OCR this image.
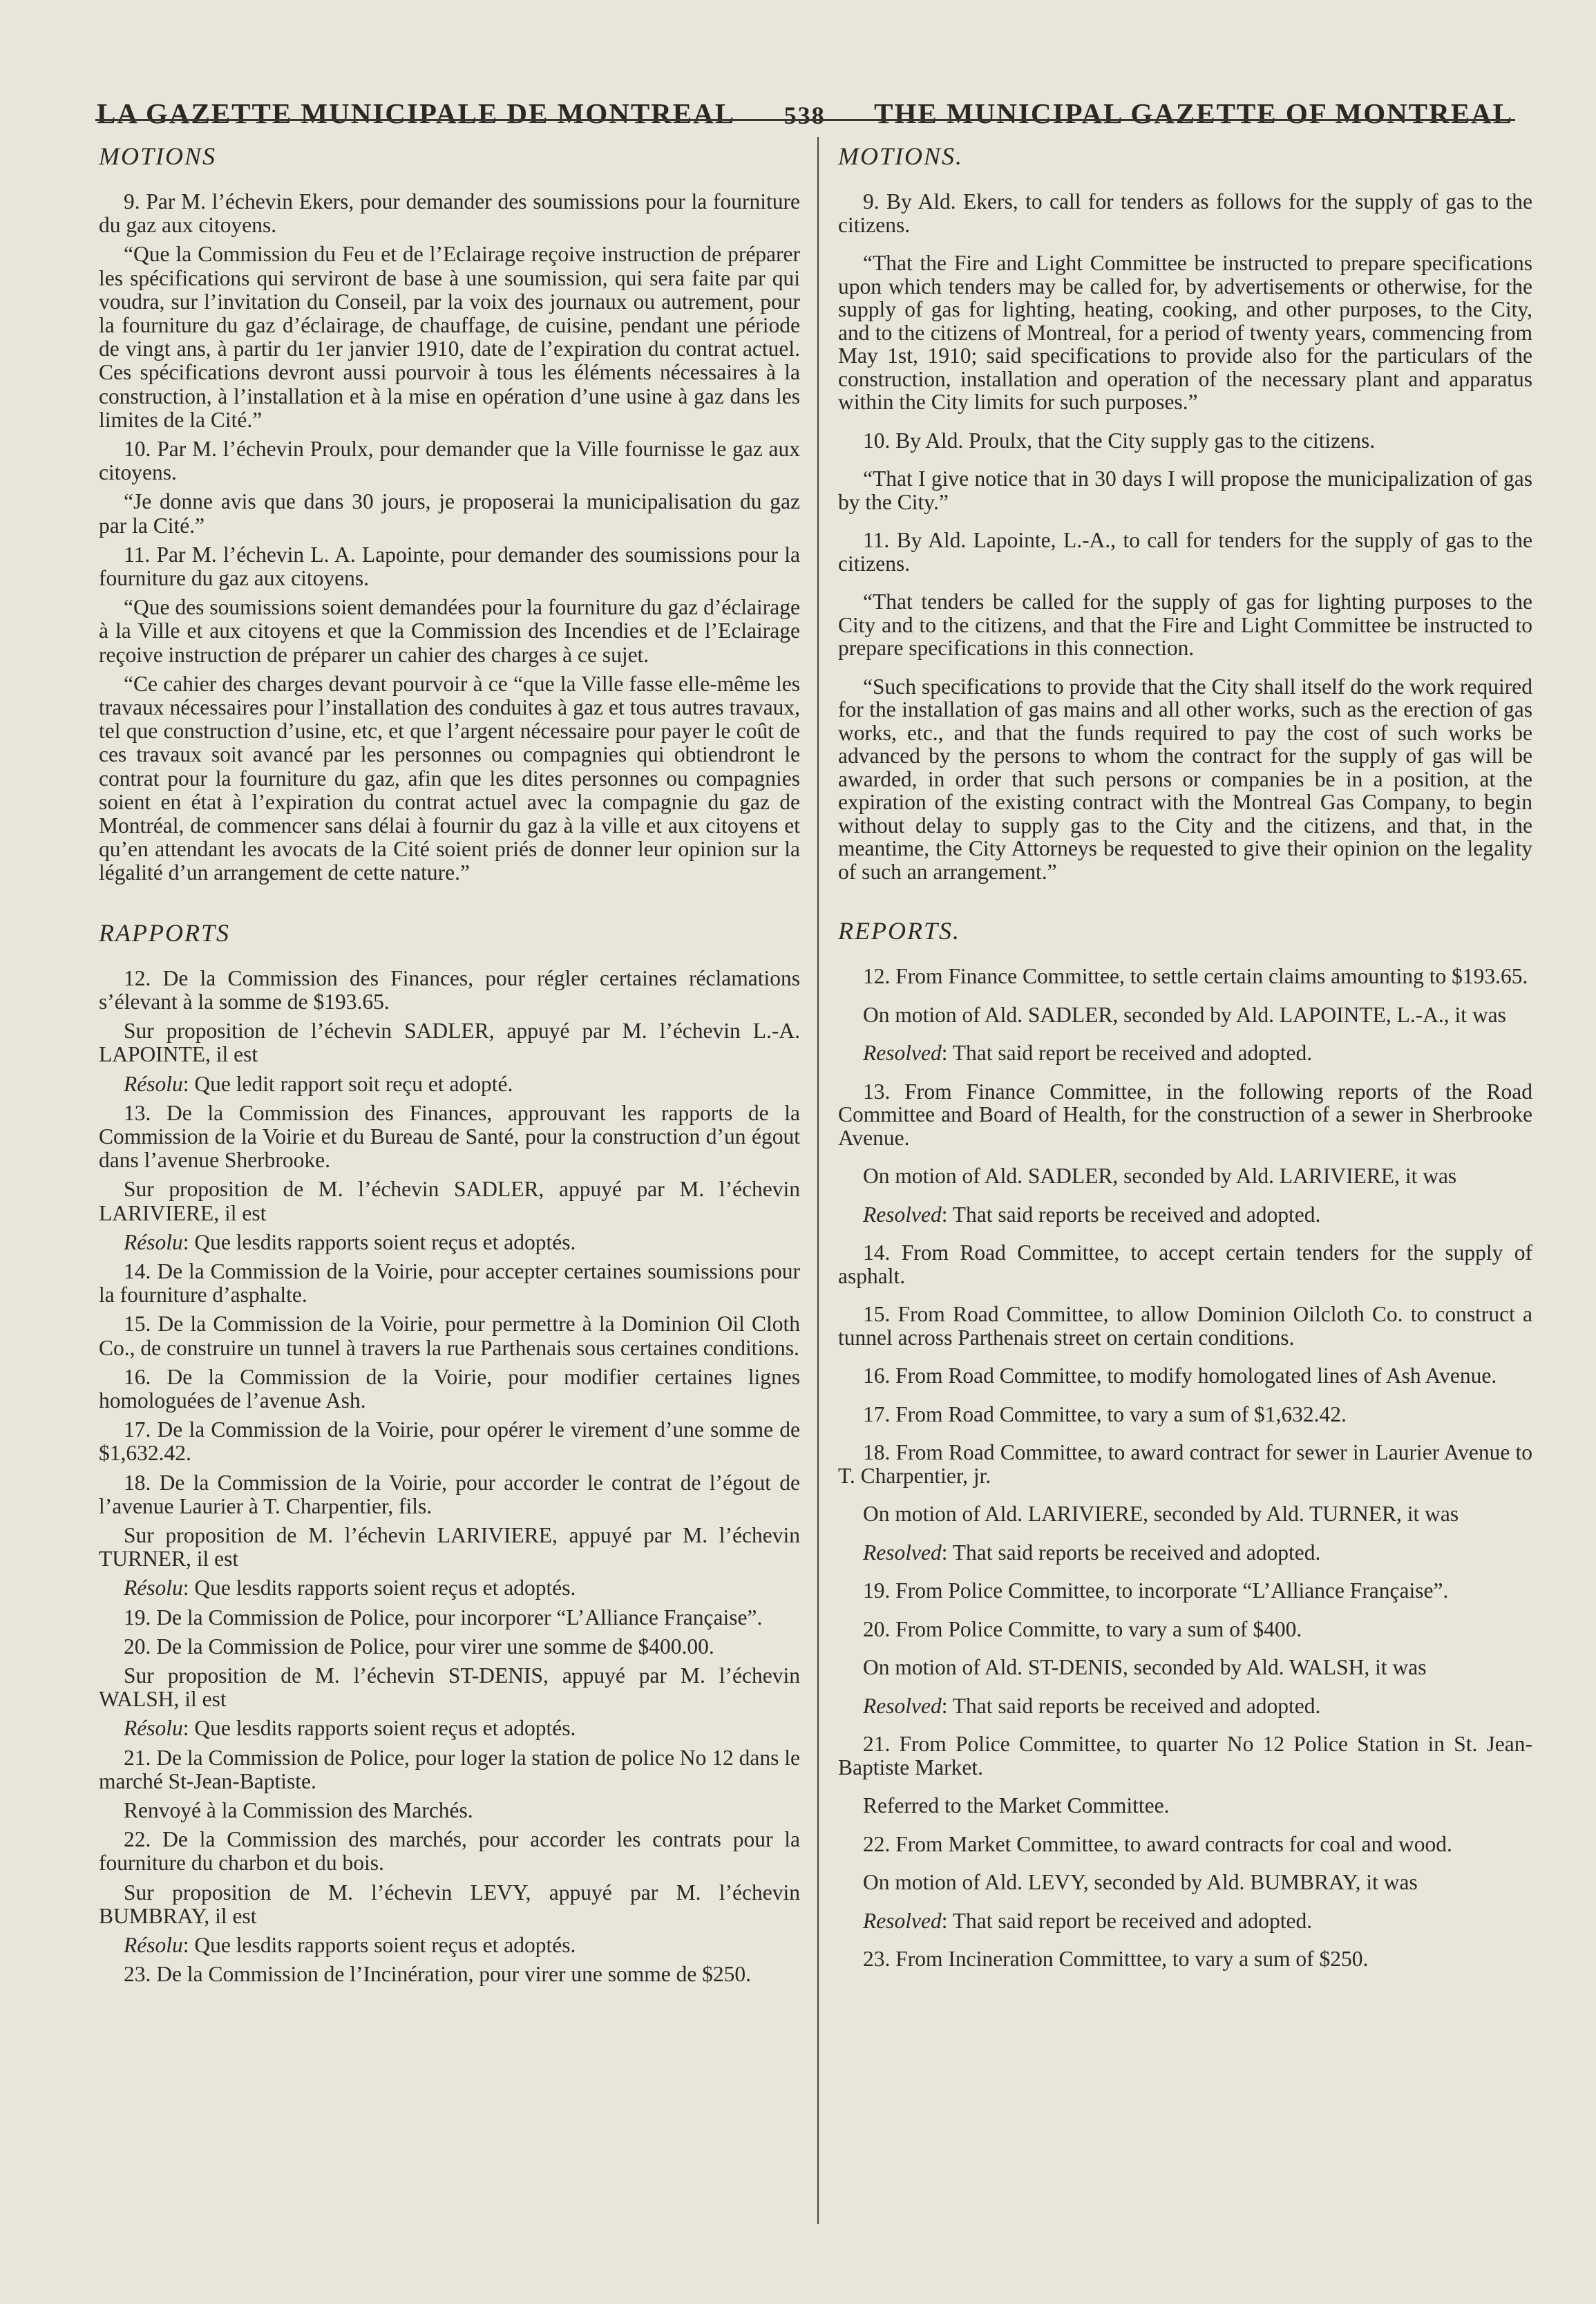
LA GAZETTE MUNICIPALE DE MONTREAL 538 THE MUNICIPAL GAZETTE OF MONTREAL
MOTIONS
9. Par M. l’échevin Ekers, pour demander des soumissions pour la fourniture du gaz aux citoyens.
“Que la Commission du Feu et de l’Eclairage reçoive instruction de préparer les spécifications qui serviront de base à une soumission, qui sera faite par qui voudra, sur l’invitation du Conseil, par la voix des journaux ou autrement, pour la fourniture du gaz d’éclairage, de chauffage, de cuisine, pendant une période de vingt ans, à partir du 1er janvier 1910, date de l’expiration du contrat actuel. Ces spécifications devront aussi pourvoir à tous les éléments nécessaires à la construction, à l’installation et à la mise en opération d’une usine à gaz dans les limites de la Cité.”
10. Par M. l’échevin Proulx, pour demander que la Ville fournisse le gaz aux citoyens.
“Je donne avis que dans 30 jours, je proposerai la municipalisation du gaz par la Cité.”
11. Par M. l’échevin L. A. Lapointe, pour demander des soumissions pour la fourniture du gaz aux citoyens.
“Que des soumissions soient demandées pour la fourniture du gaz d’éclairage à la Ville et aux citoyens et que la Commission des Incendies et de l’Eclairage reçoive instruction de préparer un cahier des charges à ce sujet.
“Ce cahier des charges devant pourvoir à ce “que la Ville fasse elle-même les travaux nécessaires pour l’installation des conduites à gaz et tous autres travaux, tel que construction d’usine, etc, et que l’argent nécessaire pour payer le coût de ces travaux soit avancé par les personnes ou compagnies qui obtiendront le contrat pour la fourniture du gaz, afin que les dites personnes ou compagnies soient en état à l’expiration du contrat actuel avec la compagnie du gaz de Montréal, de commencer sans délai à fournir du gaz à la ville et aux citoyens et qu’en attendant les avocats de la Cité soient priés de donner leur opinion sur la légalité d’un arrangement de cette nature.”
RAPPORTS
12. De la Commission des Finances, pour régler certaines réclamations s’élevant à la somme de $193.65.
Sur proposition de l’échevin SADLER, appuyé par M. l’échevin L.-A. LAPOINTE, il est
Résolu: Que ledit rapport soit reçu et adopté.
13. De la Commission des Finances, approuvant les rapports de la Commission de la Voirie et du Bureau de Santé, pour la construction d’un égout dans l’avenue Sherbrooke.
Sur proposition de M. l’échevin SADLER, appuyé par M. l’échevin LARIVIERE, il est
Résolu: Que lesdits rapports soient reçus et adoptés.
14. De la Commission de la Voirie, pour accepter certaines soumissions pour la fourniture d’asphalte.
15. De la Commission de la Voirie, pour permettre à la Dominion Oil Cloth Co., de construire un tunnel à travers la rue Parthenais sous certaines conditions.
16. De la Commission de la Voirie, pour modifier certaines lignes homologuées de l’avenue Ash.
17. De la Commission de la Voirie, pour opérer le virement d’une somme de $1,632.42.
18. De la Commission de la Voirie, pour accorder le contrat de l’égout de l’avenue Laurier à T. Charpentier, fils.
Sur proposition de M. l’échevin LARIVIERE, appuyé par M. l’échevin TURNER, il est
Résolu: Que lesdits rapports soient reçus et adoptés.
19. De la Commission de Police, pour incorporer “L’Alliance Française”.
20. De la Commission de Police, pour virer une somme de $400.00.
Sur proposition de M. l’échevin ST-DENIS, appuyé par M. l’échevin WALSH, il est
Résolu: Que lesdits rapports soient reçus et adoptés.
21. De la Commission de Police, pour loger la station de police No 12 dans le marché St-Jean-Baptiste.
Renvoyé à la Commission des Marchés.
22. De la Commission des marchés, pour accorder les contrats pour la fourniture du charbon et du bois.
Sur proposition de M. l’échevin LEVY, appuyé par M. l’échevin BUMBRAY, il est
Résolu: Que lesdits rapports soient reçus et adoptés.
23. De la Commission de l’Incinération, pour virer une somme de $250.
MOTIONS.
9. By Ald. Ekers, to call for tenders as follows for the supply of gas to the citizens.
“That the Fire and Light Committee be instructed to prepare specifications upon which tenders may be called for, by advertisements or otherwise, for the supply of gas for lighting, heating, cooking, and other purposes, to the City, and to the citizens of Montreal, for a period of twenty years, commencing from May 1st, 1910; said specifications to provide also for the particulars of the construction, installation and operation of the necessary plant and apparatus within the City limits for such purposes.”
10. By Ald. Proulx, that the City supply gas to the citizens.
“That I give notice that in 30 days I will propose the municipalization of gas by the City.”
11. By Ald. Lapointe, L.-A., to call for tenders for the supply of gas to the citizens.
“That tenders be called for the supply of gas for lighting purposes to the City and to the citizens, and that the Fire and Light Committee be instructed to prepare specifications in this connection.
“Such specifications to provide that the City shall itself do the work required for the installation of gas mains and all other works, such as the erection of gas works, etc., and that the funds required to pay the cost of such works be advanced by the persons to whom the contract for the supply of gas will be awarded, in order that such persons or companies be in a position, at the expiration of the existing contract with the Montreal Gas Company, to begin without delay to supply gas to the City and the citizens, and that, in the meantime, the City Attorneys be requested to give their opinion on the legality of such an arrangement.”
REPORTS.
12. From Finance Committee, to settle certain claims amounting to $193.65.
On motion of Ald. SADLER, seconded by Ald. LAPOINTE, L.-A., it was
Resolved: That said report be received and adopted.
13. From Finance Committee, in the following reports of the Road Committee and Board of Health, for the construction of a sewer in Sherbrooke Avenue.
On motion of Ald. SADLER, seconded by Ald. LARIVIERE, it was
Resolved: That said reports be received and adopted.
14. From Road Committee, to accept certain tenders for the supply of asphalt.
15. From Road Committee, to allow Dominion Oilcloth Co. to construct a tunnel across Parthenais street on certain conditions.
16. From Road Committee, to modify homologated lines of Ash Avenue.
17. From Road Committee, to vary a sum of $1,632.42.
18. From Road Committee, to award contract for sewer in Laurier Avenue to T. Charpentier, jr.
On motion of Ald. LARIVIERE, seconded by Ald. TURNER, it was
Resolved: That said reports be received and adopted.
19. From Police Committee, to incorporate “L’Alliance Française”.
20. From Police Committe, to vary a sum of $400.
On motion of Ald. ST-DENIS, seconded by Ald. WALSH, it was
Resolved: That said reports be received and adopted.
21. From Police Committee, to quarter No 12 Police Station in St. Jean-Baptiste Market.
Referred to the Market Committee.
22. From Market Committee, to award contracts for coal and wood.
On motion of Ald. LEVY, seconded by Ald. BUMBRAY, it was
Resolved: That said report be received and adopted.
23. From Incineration Committtee, to vary a sum of $250.
